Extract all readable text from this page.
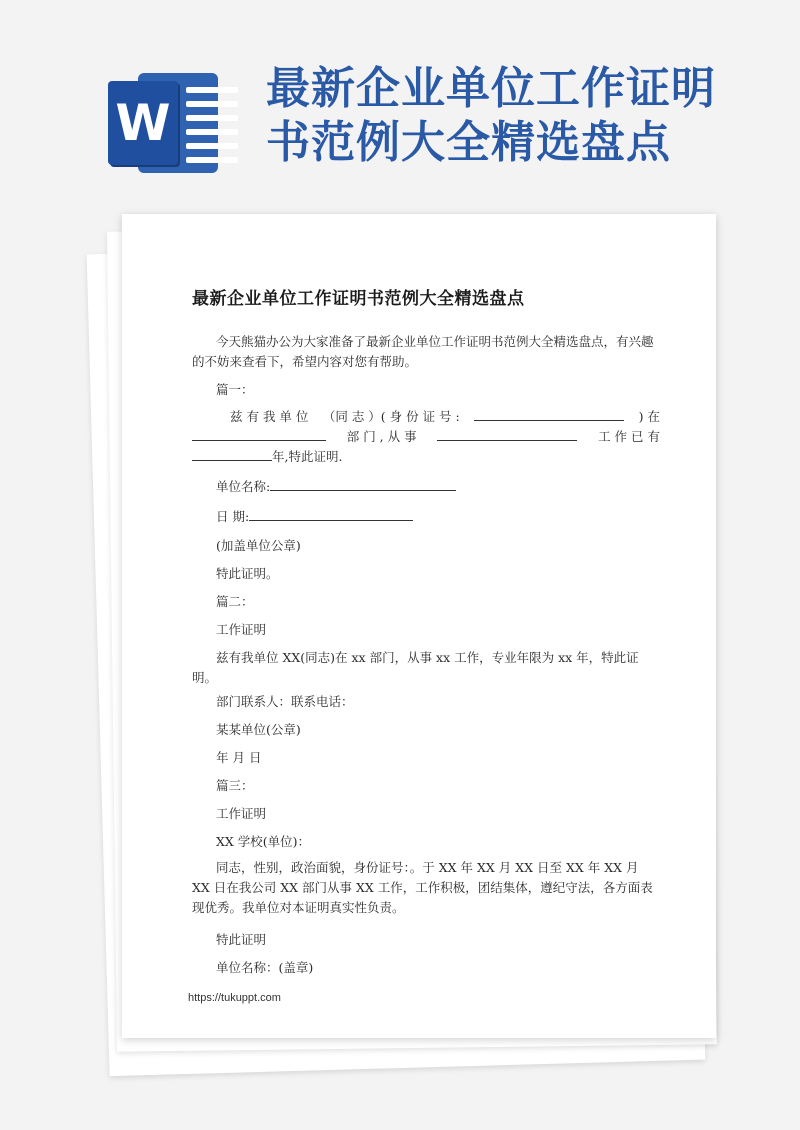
W
最新企业单位工作证明
书范例大全精选盘点
最新企业单位工作证明书范例大全精选盘点

今天熊猫办公为大家准备了最新企业单位工作证明书范例大全精选盘点，有兴趣的不妨来查看下，希望内容对您有帮助。

篇一：

兹 有 我 单 位 （同 志 ）( 身 份 证 号 :	) 在
部 门 , 从 事	工 作 已 有
年,特此证明.
单位名称:
日 期:

(加盖单位公章)

特此证明。

篇二：

工作证明

兹有我单位 XX(同志)在 xx 部门，从事 xx 工作，专业年限为 xx 年，特此证明。

部门联系人：联系电话：

某某单位(公章)

年 月 日

篇三：

工作证明

XX 学校(单位)：

同志，性别，政治面貌，身份证号：。于 XX 年 XX 月 XX 日至 XX 年 XX 月 XX 日在我公司 XX 部门从事 XX 工作，工作积极，团结集体，遵纪守法，各方面表现优秀。我单位对本证明真实性负责。

特此证明

单位名称：(盖章)

https://tukuppt.com
